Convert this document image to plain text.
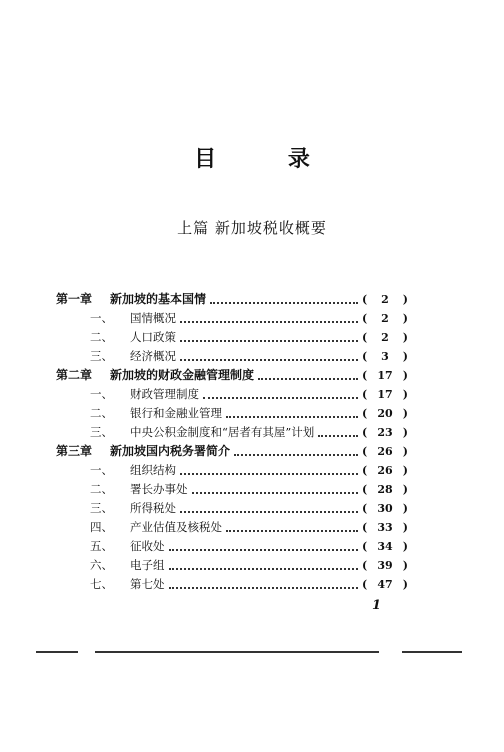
目 录
上篇 新加坡税收概要
第一章	新加坡的基本国情	( 2 )
一、	国情概况	( 2 )
二、	人口政策	( 2 )
三、	经济概况	( 3 )
第二章	新加坡的财政金融管理制度	( 17 )
一、	财政管理制度	( 17 )
二、	银行和金融业管理	( 20 )
三、	中央公积金制度和“居者有其屋”计划	( 23 )
第三章	新加坡国内税务署简介	( 26 )
一、	组织结构	( 26 )
二、	署长办事处	( 28 )
三、	所得税处	( 30 )
四、	产业估值及核税处	( 33 )
五、	征收处	( 34 )
六、	电子组	( 39 )
七、	第七处	( 47 )
1
